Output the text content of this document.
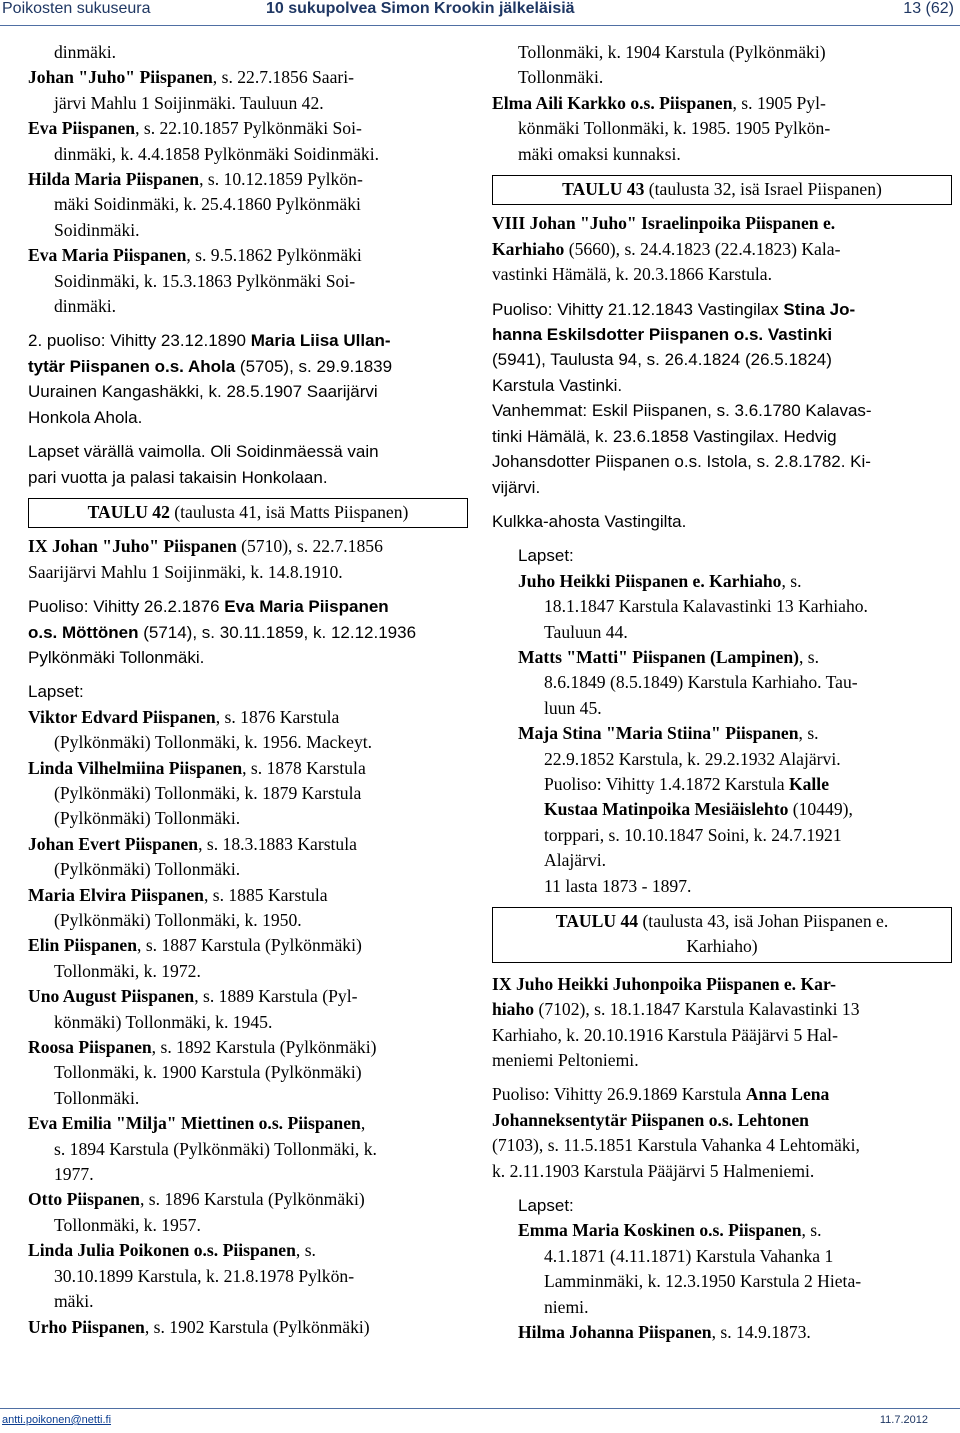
Poikosten sukuseura	10 sukupolvea Simon Krookin jälkeläisiä	13 (62)
dinmäki.
Johan "Juho" Piispanen, s. 22.7.1856 Saari-
järvi Mahlu 1 Soijinmäki. Tauluun 42.
Eva Piispanen, s. 22.10.1857 Pylkönmäki Soi-
dinmäki, k. 4.4.1858 Pylkönmäki Soidinmäki.
Hilda Maria Piispanen, s. 10.12.1859 Pylkön-
mäki Soidinmäki, k. 25.4.1860 Pylkönmäki
Soidinmäki.
Eva Maria Piispanen, s. 9.5.1862 Pylkönmäki
Soidinmäki, k. 15.3.1863 Pylkönmäki Soi-
dinmäki.
2. puoliso: Vihitty 23.12.1890 Maria Liisa Ullan-
tytär Piispanen o.s. Ahola (5705), s. 29.9.1839
Uurainen Kangashäkki, k. 28.5.1907 Saarijärvi
Honkola Ahola.
Lapset värällä vaimolla. Oli Soidinmäessä vain
pari vuotta ja palasi takaisin Honkolaan.
TAULU 42 (taulusta 41, isä Matts Piispanen)
IX Johan "Juho" Piispanen (5710), s. 22.7.1856
Saarijärvi Mahlu 1 Soijinmäki, k. 14.8.1910.
Puoliso: Vihitty 26.2.1876 Eva Maria Piispanen
o.s. Möttönen (5714), s. 30.11.1859, k. 12.12.1936
Pylkönmäki Tollonmäki.
Lapset:
Viktor Edvard Piispanen, s. 1876 Karstula
(Pylkönmäki) Tollonmäki, k. 1956. Mackeyt.
Linda Vilhelmiina Piispanen, s. 1878 Karstula
(Pylkönmäki) Tollonmäki, k. 1879 Karstula
(Pylkönmäki) Tollonmäki.
Johan Evert Piispanen, s. 18.3.1883 Karstula
(Pylkönmäki) Tollonmäki.
Maria Elvira Piispanen, s. 1885 Karstula
(Pylkönmäki) Tollonmäki, k. 1950.
Elin Piispanen, s. 1887 Karstula (Pylkönmäki)
Tollonmäki, k. 1972.
Uno August Piispanen, s. 1889 Karstula (Pyl-
könmäki) Tollonmäki, k. 1945.
Roosa Piispanen, s. 1892 Karstula (Pylkönmäki)
Tollonmäki, k. 1900 Karstula (Pylkönmäki)
Tollonmäki.
Eva Emilia "Milja" Miettinen o.s. Piispanen,
s. 1894 Karstula (Pylkönmäki) Tollonmäki, k.
1977.
Otto Piispanen, s. 1896 Karstula (Pylkönmäki)
Tollonmäki, k. 1957.
Linda Julia Poikonen o.s. Piispanen, s.
30.10.1899 Karstula, k. 21.8.1978 Pylkön-
mäki.
Urho Piispanen, s. 1902 Karstula (Pylkönmäki)
Tollonmäki, k. 1904 Karstula (Pylkönmäki)
Tollonmäki.
Elma Aili Karkko o.s. Piispanen, s. 1905 Pyl-
könmäki Tollonmäki, k. 1985. 1905 Pylkön-
mäki omaksi kunnaksi.
TAULU 43 (taulusta 32, isä Israel Piispanen)
VIII Johan "Juho" Israelinpoika Piispanen e.
Karhiaho (5660), s. 24.4.1823 (22.4.1823) Kala-
vastinki Hämälä, k. 20.3.1866 Karstula.
Puoliso: Vihitty 21.12.1843 Vastingilax Stina Jo-
hanna Eskilsdotter Piispanen o.s. Vastinki
(5941), Taulusta 94, s. 26.4.1824 (26.5.1824)
Karstula Vastinki.
Vanhemmat: Eskil Piispanen, s. 3.6.1780 Kalavas-
tinki Hämälä, k. 23.6.1858 Vastingilax. Hedvig
Johansdotter Piispanen o.s. Istola, s. 2.8.1782. Ki-
vijärvi.
Kulkka-ahosta Vastingilta.
Lapset:
Juho Heikki Piispanen e. Karhiaho, s.
18.1.1847 Karstula Kalavastinki 13 Karhiaho.
Tauluun 44.
Matts "Matti" Piispanen (Lampinen), s.
8.6.1849 (8.5.1849) Karstula Karhiaho. Tau-
luun 45.
Maja Stina "Maria Stiina" Piispanen, s.
22.9.1852 Karstula, k. 29.2.1932 Alajärvi.
Puoliso: Vihitty 1.4.1872 Karstula Kalle
Kustaa Matinpoika Mesiäislehto (10449),
torppari, s. 10.10.1847 Soini, k. 24.7.1921
Alajärvi.
11 lasta 1873 - 1897.
TAULU 44 (taulusta 43, isä Johan Piispanen e.
Karhiaho)
IX Juho Heikki Juhonpoika Piispanen e. Kar-
hiaho (7102), s. 18.1.1847 Karstula Kalavastinki 13
Karhiaho, k. 20.10.1916 Karstula Pääjärvi 5 Hal-
meniemi Peltoniemi.
Puoliso: Vihitty 26.9.1869 Karstula Anna Lena
Johanneksentytär Piispanen o.s. Lehtonen
(7103), s. 11.5.1851 Karstula Vahanka 4 Lehtomäki,
k. 2.11.1903 Karstula Pääjärvi 5 Halmeniemi.
Lapset:
Emma Maria Koskinen o.s. Piispanen, s.
4.1.1871 (4.11.1871) Karstula Vahanka 1
Lamminmäki, k. 12.3.1950 Karstula 2 Hieta-
niemi.
Hilma Johanna Piispanen, s. 14.9.1873.
antti.poikonen@netti.fi	11.7.2012
